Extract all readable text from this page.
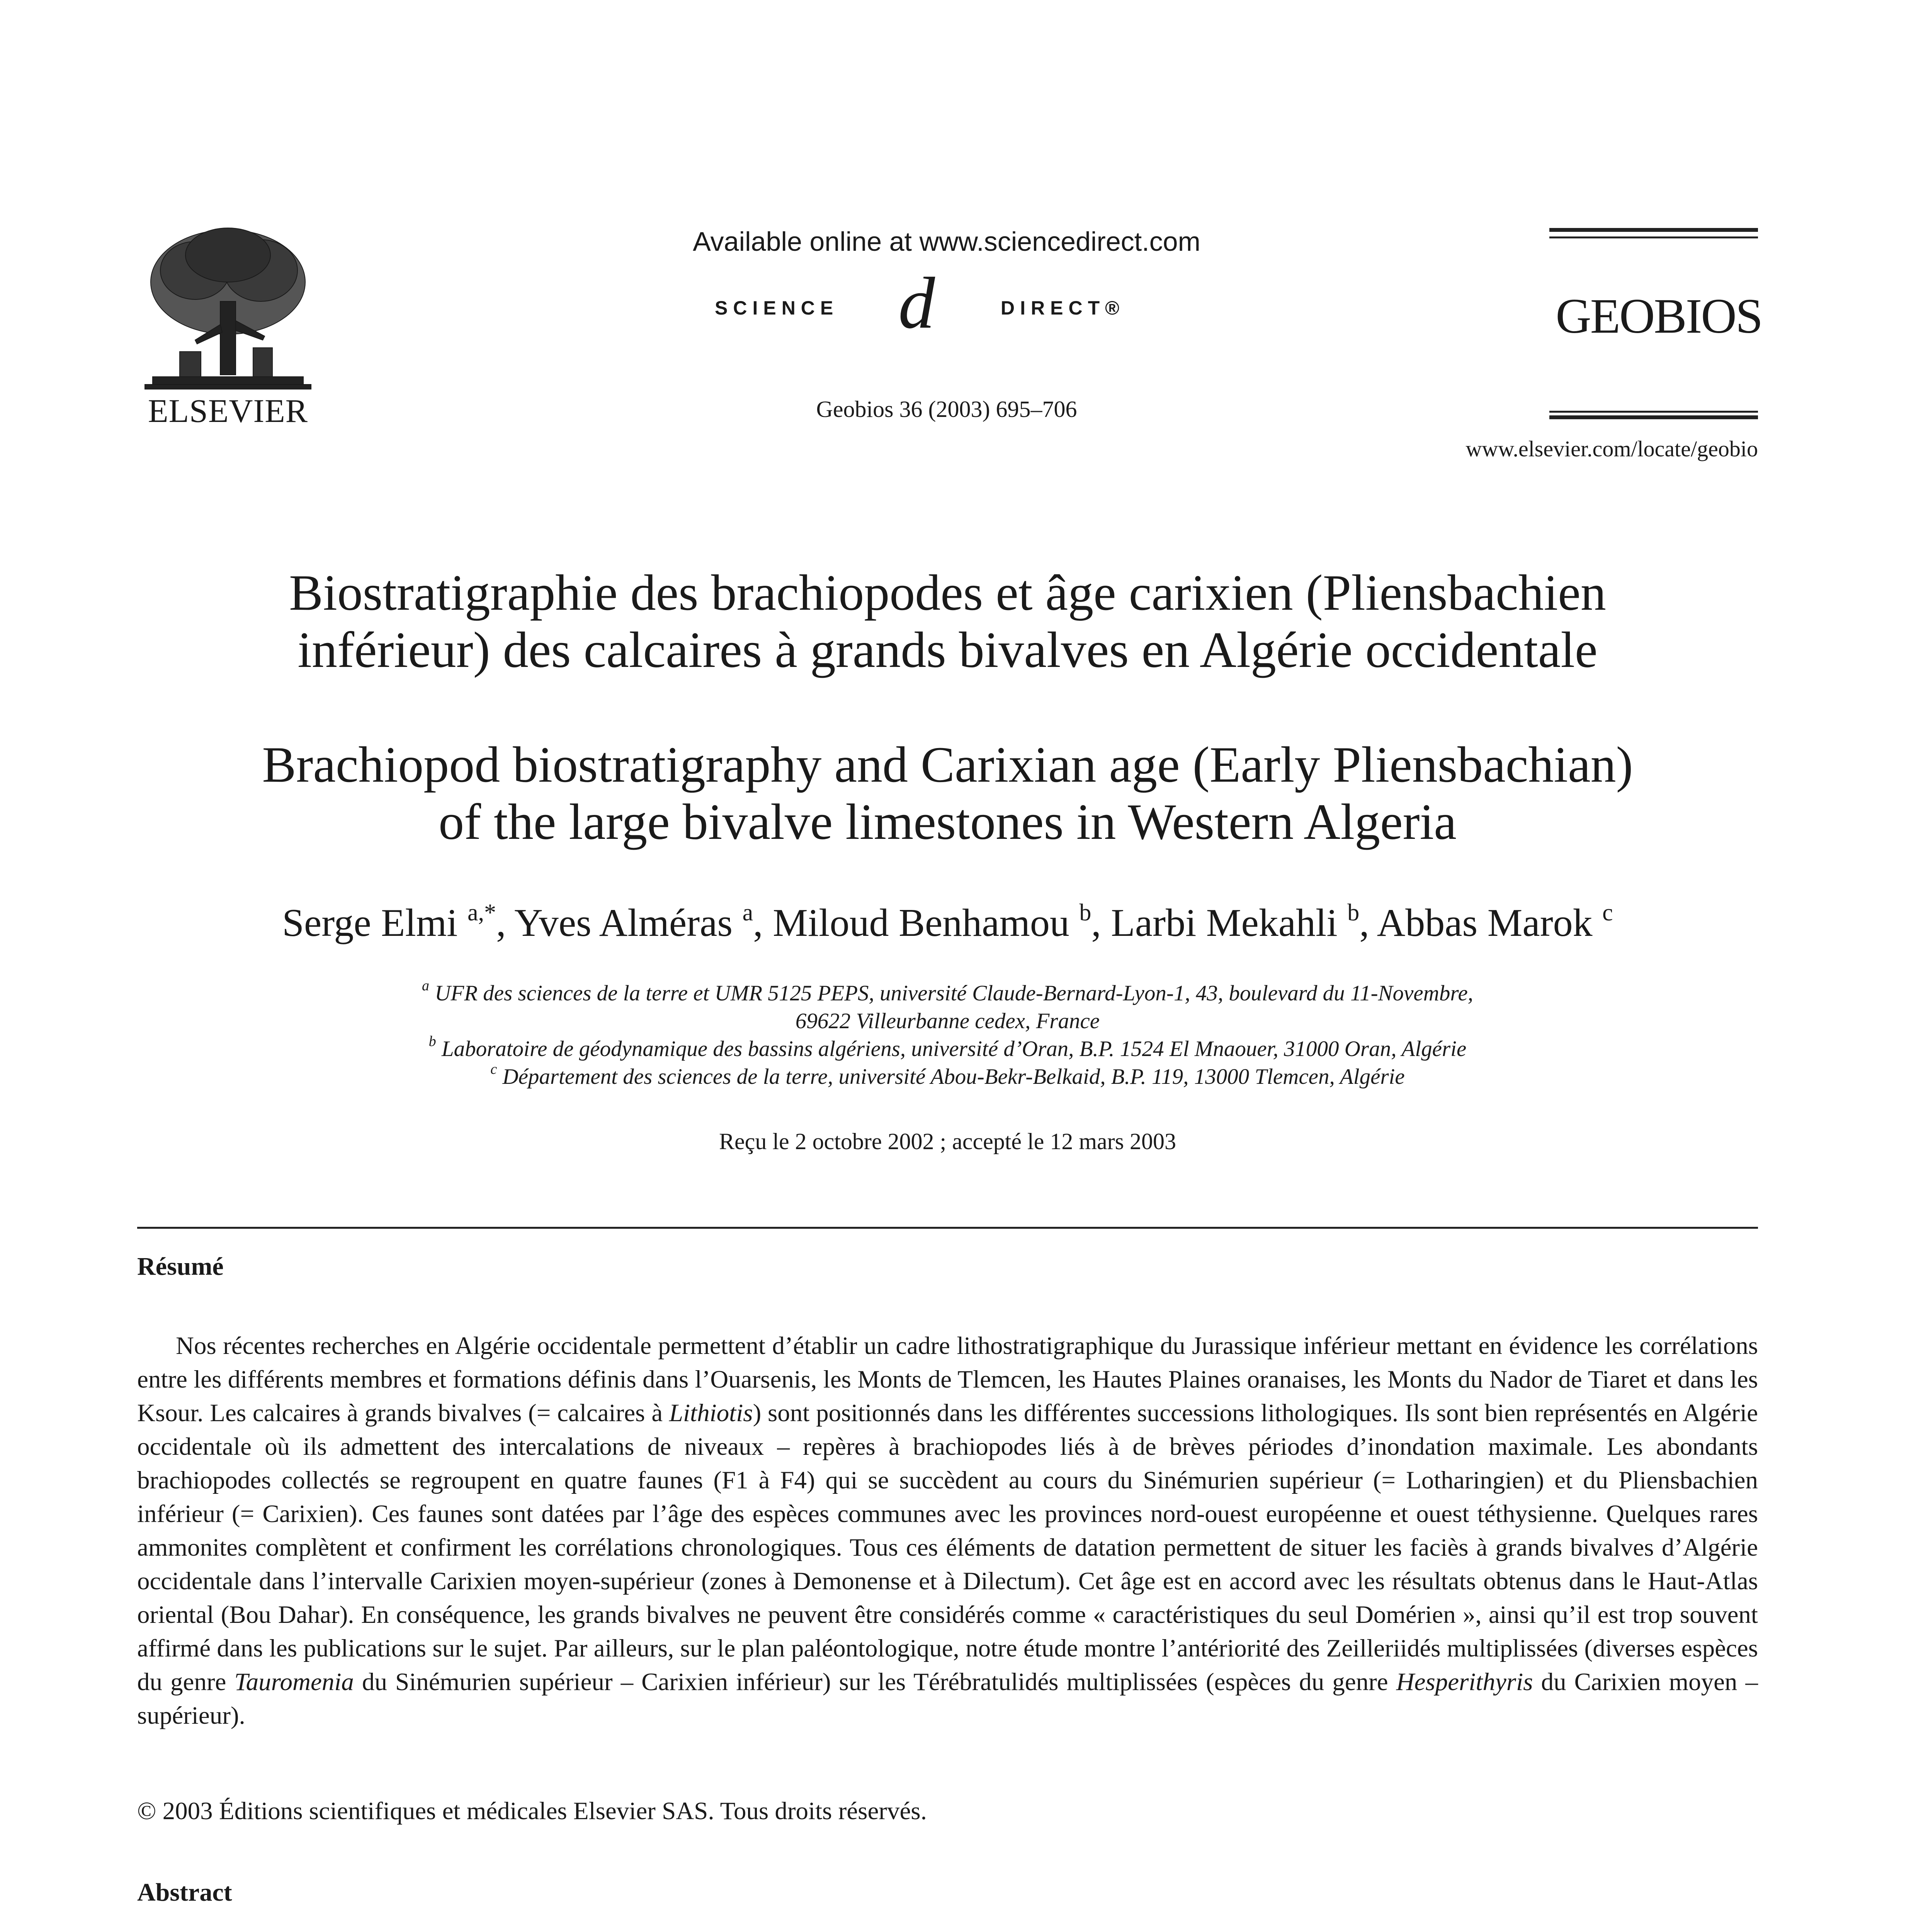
ELSEVIER
Available online at www.sciencedirect.com
SCIENCE d	DIRECT®
Geobios 36 (2003) 695–706
GEOBIOS
www.elsevier.com/locate/geobio
Biostratigraphie des brachiopodes et âge carixien (Pliensbachien
inférieur) des calcaires à grands bivalves en Algérie occidentale
Brachiopod biostratigraphy and Carixian age (Early Pliensbachian)
of the large bivalve limestones in Western Algeria
Serge Elmi $^{a,*}$, Yves Alméras $^a$, Miloud Benhamou $^b$, Larbi Mekahli $^b$, Abbas Marok $^c$
$^a$ UFR des sciences de la terre et UMR 5125 PEPS, université Claude-Bernard-Lyon-1, 43, boulevard du 11-Novembre,
69622 Villeurbanne cedex, France
$^b$ Laboratoire de géodynamique des bassins algériens, université d’Oran, B.P. 1524 El Mnaouer, 31000 Oran, Algérie
$^c$ Département des sciences de la terre, université Abou-Bekr-Belkaid, B.P. 119, 13000 Tlemcen, Algérie
Reçu le 2 octobre 2002 ; accepté le 12 mars 2003
Résumé

Nos récentes recherches en Algérie occidentale permettent d’établir un cadre lithostratigraphique du Jurassique inférieur mettant en évidence les corrélations entre les différents membres et formations définis dans l’Ouarsenis, les Monts de Tlemcen, les Hautes Plaines oranaises, les Monts du Nador de Tiaret et dans les Ksour. Les calcaires à grands bivalves (= calcaires à Lithiotis) sont positionnés dans les différentes successions lithologiques. Ils sont bien représentés en Algérie occidentale où ils admettent des intercalations de niveaux – repères à brachiopodes liés à de brèves périodes d’inondation maximale. Les abondants brachiopodes collectés se regroupent en quatre faunes (F1 à F4) qui se succèdent au cours du Sinémurien supérieur (= Lotharingien) et du Pliensbachien inférieur (= Carixien). Ces faunes sont datées par l’âge des espèces communes avec les provinces nord-ouest européenne et ouest téthysienne. Quelques rares ammonites complètent et confirment les corrélations chronologiques. Tous ces éléments de datation permettent de situer les faciès à grands bivalves d’Algérie occidentale dans l’intervalle Carixien moyen-supérieur (zones à Demonense et à Dilectum). Cet âge est en accord avec les résultats obtenus dans le Haut-Atlas oriental (Bou Dahar). En conséquence, les grands bivalves ne peuvent être considérés comme « caractéristiques du seul Domérien », ainsi qu’il est trop souvent affirmé dans les publications sur le sujet. Par ailleurs, sur le plan paléontologique, notre étude montre l’antériorité des Zeilleriidés multiplissées (diverses espèces du genre Tauromenia du Sinémurien supérieur – Carixien inférieur) sur les Térébratulidés multiplissées (espèces du genre Hesperithyris du Carixien moyen – supérieur).

© 2003 Éditions scientifiques et médicales Elsevier SAS. Tous droits réservés.
Abstract
